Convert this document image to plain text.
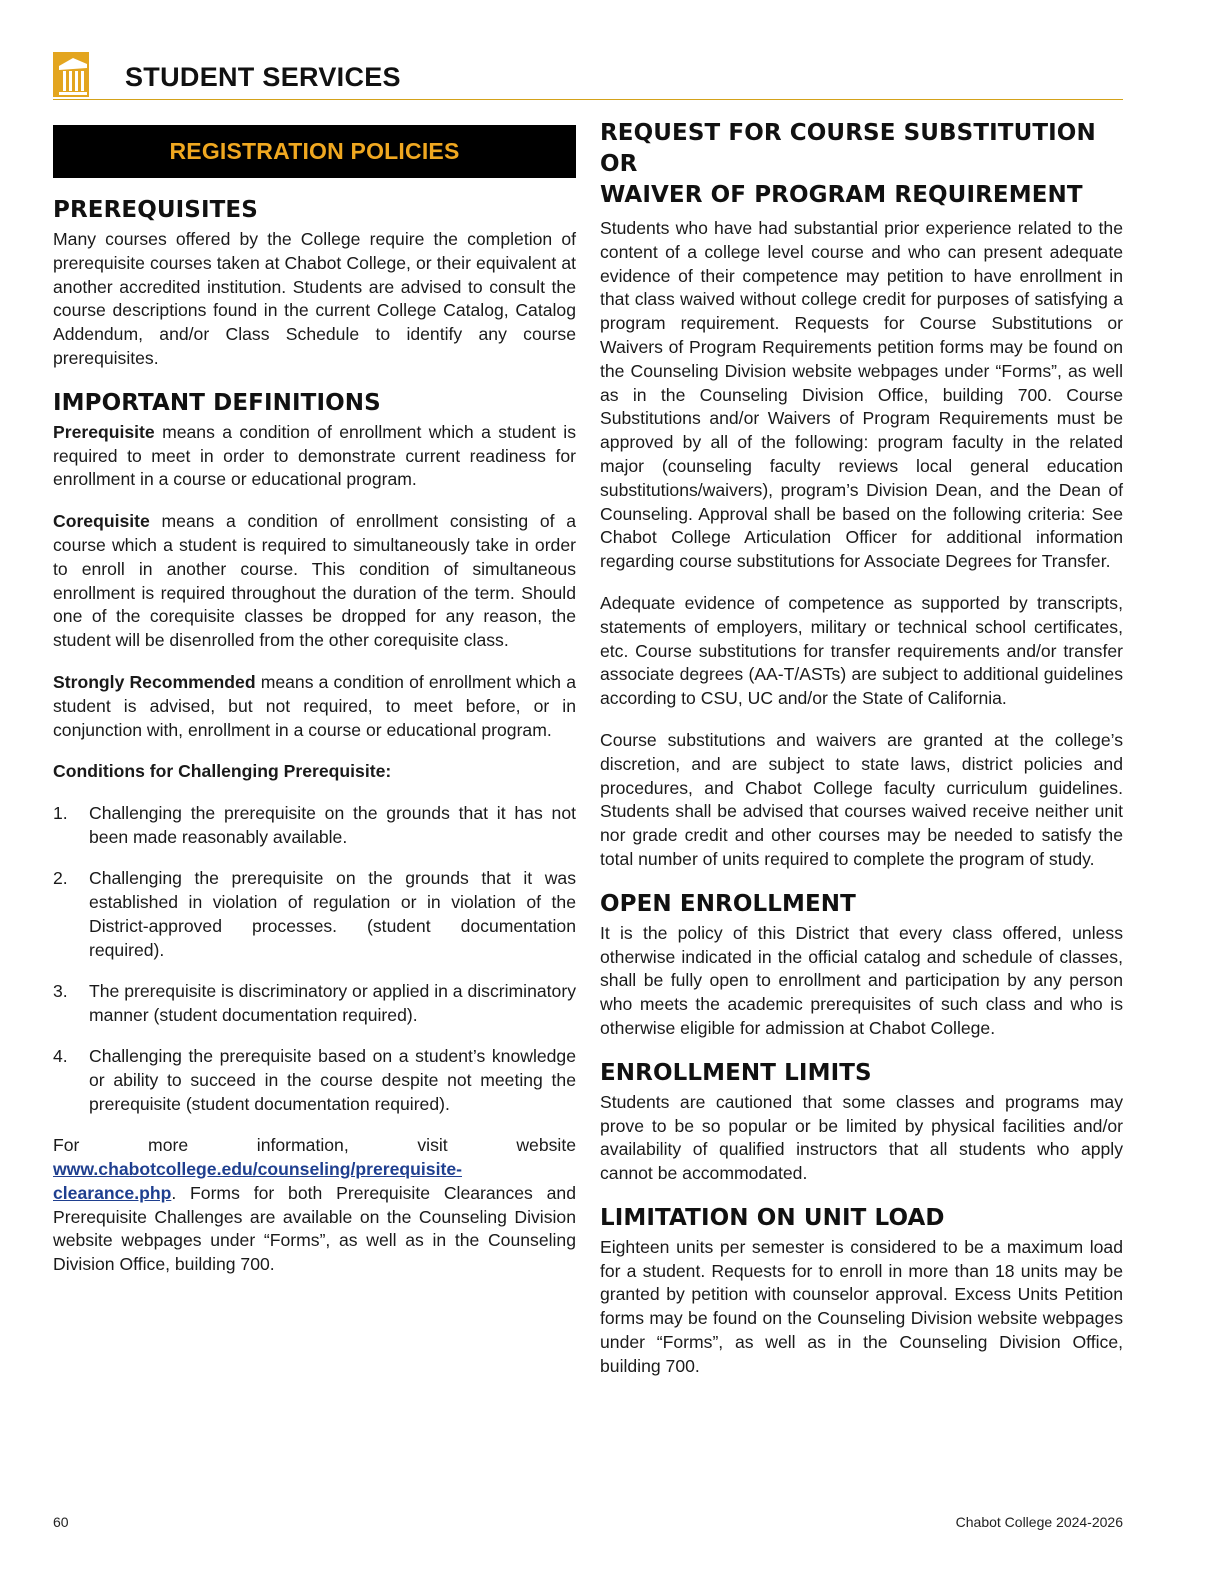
STUDENT SERVICES
REGISTRATION POLICIES
PREREQUISITES

Many courses offered by the College require the completion of prerequisite courses taken at Chabot College, or their equivalent at another accredited institution. Students are advised to consult the course descriptions found in the current College Catalog, Catalog Addendum, and/or Class Schedule to identify any course prerequisites.

IMPORTANT DEFINITIONS

Prerequisite means a condition of enrollment which a student is required to meet in order to demonstrate current readiness for enrollment in a course or educational program.

Corequisite means a condition of enrollment consisting of a course which a student is required to simultaneously take in order to enroll in another course. This condition of simultaneous enrollment is required throughout the duration of the term. Should one of the corequisite classes be dropped for any reason, the student will be disenrolled from the other corequisite class.

Strongly Recommended means a condition of enrollment which a student is advised, but not required, to meet before, or in conjunction with, enrollment in a course or educational program.

Conditions for Challenging Prerequisite:

1. Challenging the prerequisite on the grounds that it has not been made reasonably available.
2. Challenging the prerequisite on the grounds that it was established in violation of regulation or in violation of the District-approved processes. (student documentation required).
3. The prerequisite is discriminatory or applied in a discriminatory manner (student documentation required).
4. Challenging the prerequisite based on a student’s knowledge or ability to succeed in the course despite not meeting the prerequisite (student documentation required).

For more information, visit website www.chabotcollege.edu/counseling/prerequisite-clearance.php. Forms for both Prerequisite Clearances and Prerequisite Challenges are available on the Counseling Division website webpages under “Forms”, as well as in the Counseling Division Office, building 700.

REQUEST FOR COURSE SUBSTITUTION OR
WAIVER OF PROGRAM REQUIREMENT

Students who have had substantial prior experience related to the content of a college level course and who can present adequate evidence of their competence may petition to have enrollment in that class waived without college credit for purposes of satisfying a program requirement. Requests for Course Substitutions or Waivers of Program Requirements petition forms may be found on the Counseling Division website webpages under “Forms”, as well as in the Counseling Division Office, building 700. Course Substitutions and/or Waivers of Program Requirements must be approved by all of the following: program faculty in the related major (counseling faculty reviews local general education substitutions/waivers), program’s Division Dean, and the Dean of Counseling. Approval shall be based on the following criteria: See Chabot College Articulation Officer for additional information regarding course substitutions for Associate Degrees for Transfer.

Adequate evidence of competence as supported by transcripts, statements of employers, military or technical school certificates, etc. Course substitutions for transfer requirements and/or transfer associate degrees (AA-T/ASTs) are subject to additional guidelines according to CSU, UC and/or the State of California.

Course substitutions and waivers are granted at the college’s discretion, and are subject to state laws, district policies and procedures, and Chabot College faculty curriculum guidelines. Students shall be advised that courses waived receive neither unit nor grade credit and other courses may be needed to satisfy the total number of units required to complete the program of study.

OPEN ENROLLMENT

It is the policy of this District that every class offered, unless otherwise indicated in the official catalog and schedule of classes, shall be fully open to enrollment and participation by any person who meets the academic prerequisites of such class and who is otherwise eligible for admission at Chabot College.

ENROLLMENT LIMITS

Students are cautioned that some classes and programs may prove to be so popular or be limited by physical facilities and/or availability of qualified instructors that all students who apply cannot be accommodated.

LIMITATION ON UNIT LOAD

Eighteen units per semester is considered to be a maximum load for a student. Requests for to enroll in more than 18 units may be granted by petition with counselor approval. Excess Units Petition forms may be found on the Counseling Division website webpages under “Forms”, as well as in the Counseling Division Office, building 700.

60	Chabot College 2024-2026
